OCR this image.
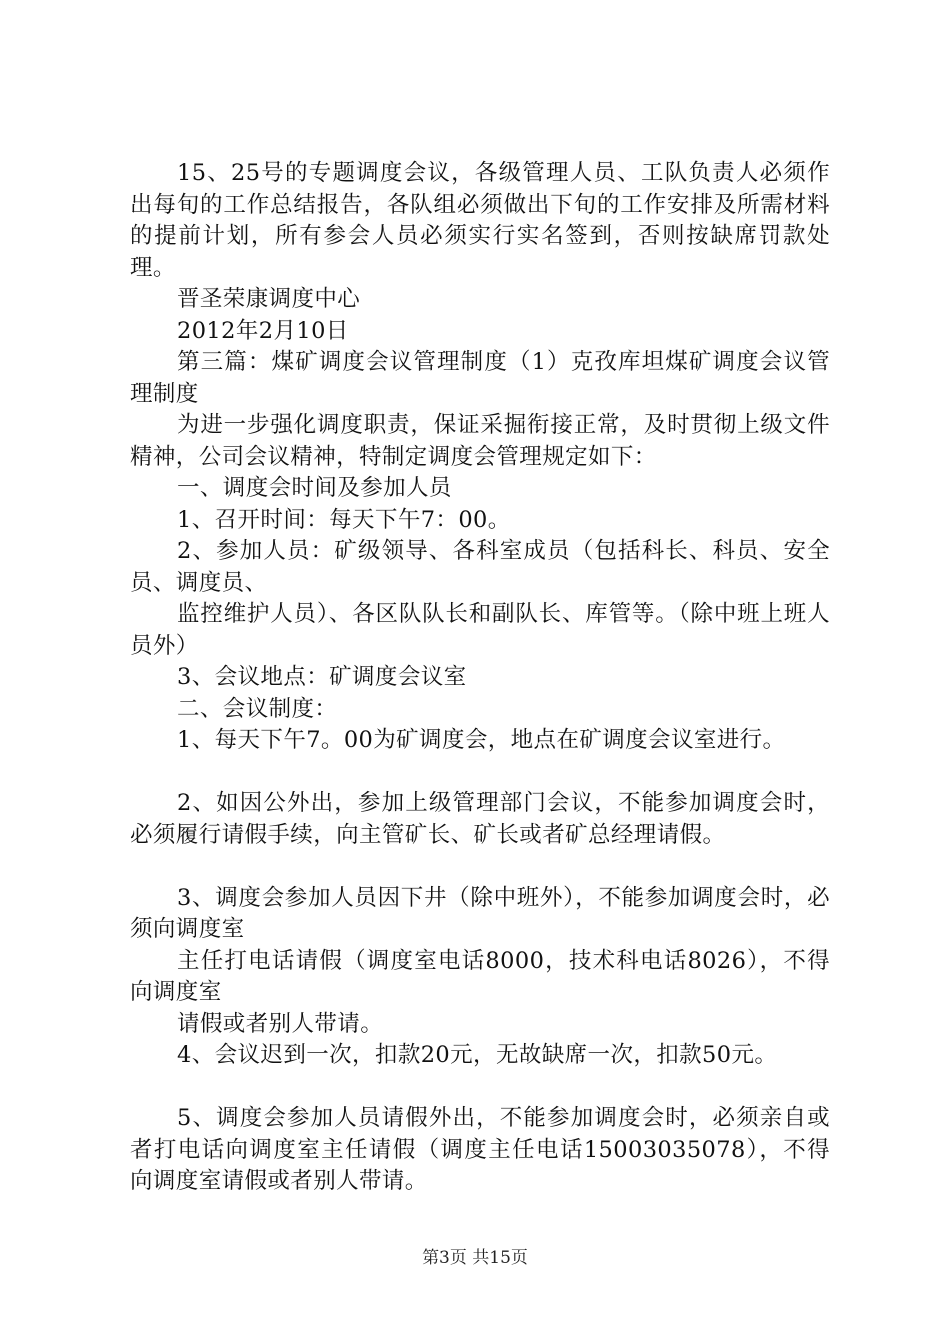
15、25号的专题调度会议，各级管理人员、工队负责人必须作出每旬的工作总结报告，各队组必须做出下旬的工作安排及所需材料的提前计划，所有参会人员必须实行实名签到，否则按缺席罚款处理。

晋圣荣康调度中心

2012年2月10日

第三篇：煤矿调度会议管理制度（1）克孜库坦煤矿调度会议管理制度

为进一步强化调度职责，保证采掘衔接正常，及时贯彻上级文件精神，公司会议精神，特制定调度会管理规定如下：

一、调度会时间及参加人员

1、召开时间：每天下午7：00。

2、参加人员：矿级领导、各科室成员（包括科长、科员、安全员、调度员、

监控维护人员）、各区队队长和副队长、库管等。（除中班上班人员外）

3、会议地点：矿调度会议室

二、会议制度：

1、每天下午7。00为矿调度会，地点在矿调度会议室进行。

2、如因公外出，参加上级管理部门会议，不能参加调度会时，必须履行请假手续，向主管矿长、矿长或者矿总经理请假。

3、调度会参加人员因下井（除中班外），不能参加调度会时，必须向调度室

主任打电话请假（调度室电话8000，技术科电话8026），不得向调度室

请假或者别人带请。

4、会议迟到一次，扣款20元，无故缺席一次，扣款50元。

5、调度会参加人员请假外出，不能参加调度会时，必须亲自或者打电话向调度室主任请假（调度主任电话15003035078），不得向调度室请假或者别人带请。

第3页 共15页
